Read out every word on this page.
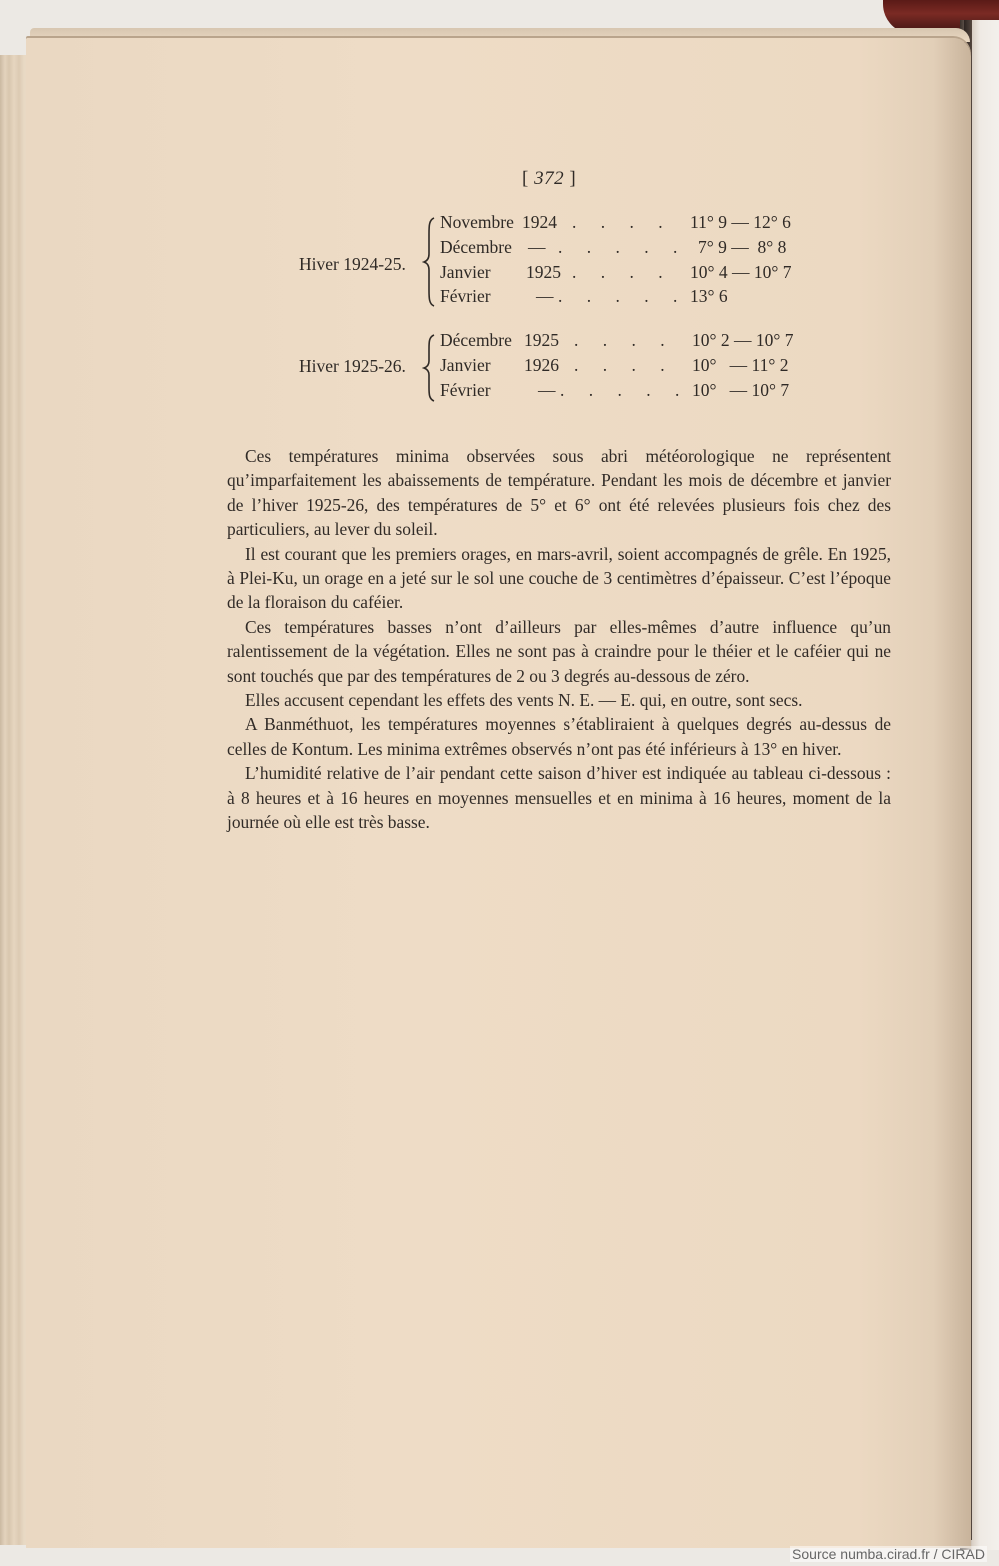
[ 372 ]
Hiver 1924-25.
Novembre 1924 . . . . 11° 9 — 12° 6
Décembre — . . . . . 7° 9 —  8° 8
Janvier 1925 . . . . 10° 4 — 10° 7
Février	— . . . . . 13° 6
Hiver 1925-26.
Décembre 1925 . . . . 10° 2 — 10° 7
Janvier 1926 . . . . 10°   — 11° 2
Février	— . . . . . 10°   — 10° 7

Ces températures minima observées sous abri météorologique ne représentent qu’imparfaitement les abaissements de température. Pendant les mois de décembre et janvier de l’hiver 1925-26, des températures de 5° et 6° ont été relevées plusieurs fois chez des particuliers, au lever du soleil.

Il est courant que les premiers orages, en mars-avril, soient accompagnés de grêle. En 1925, à Plei-Ku, un orage en a jeté sur le sol une couche de 3 centimètres d’épaisseur. C’est l’époque de la floraison du caféier.

Ces températures basses n’ont d’ailleurs par elles-mêmes d’autre influence qu’un ralentissement de la végétation. Elles ne sont pas à craindre pour le théier et le caféier qui ne sont touchés que par des températures de 2 ou 3 degrés au-dessous de zéro.

Elles accusent cependant les effets des vents N. E. — E. qui, en outre, sont secs.

A Banméthuot, les températures moyennes s’établiraient à quelques degrés au-dessus de celles de Kontum. Les minima extrêmes observés n’ont pas été inférieurs à 13° en hiver.

L’humidité relative de l’air pendant cette saison d’hiver est indiquée au tableau ci-dessous : à 8 heures et à 16 heures en moyennes mensuelles et en minima à 16 heures, moment de la journée où elle est très basse.

Source numba.cirad.fr / CIRAD
